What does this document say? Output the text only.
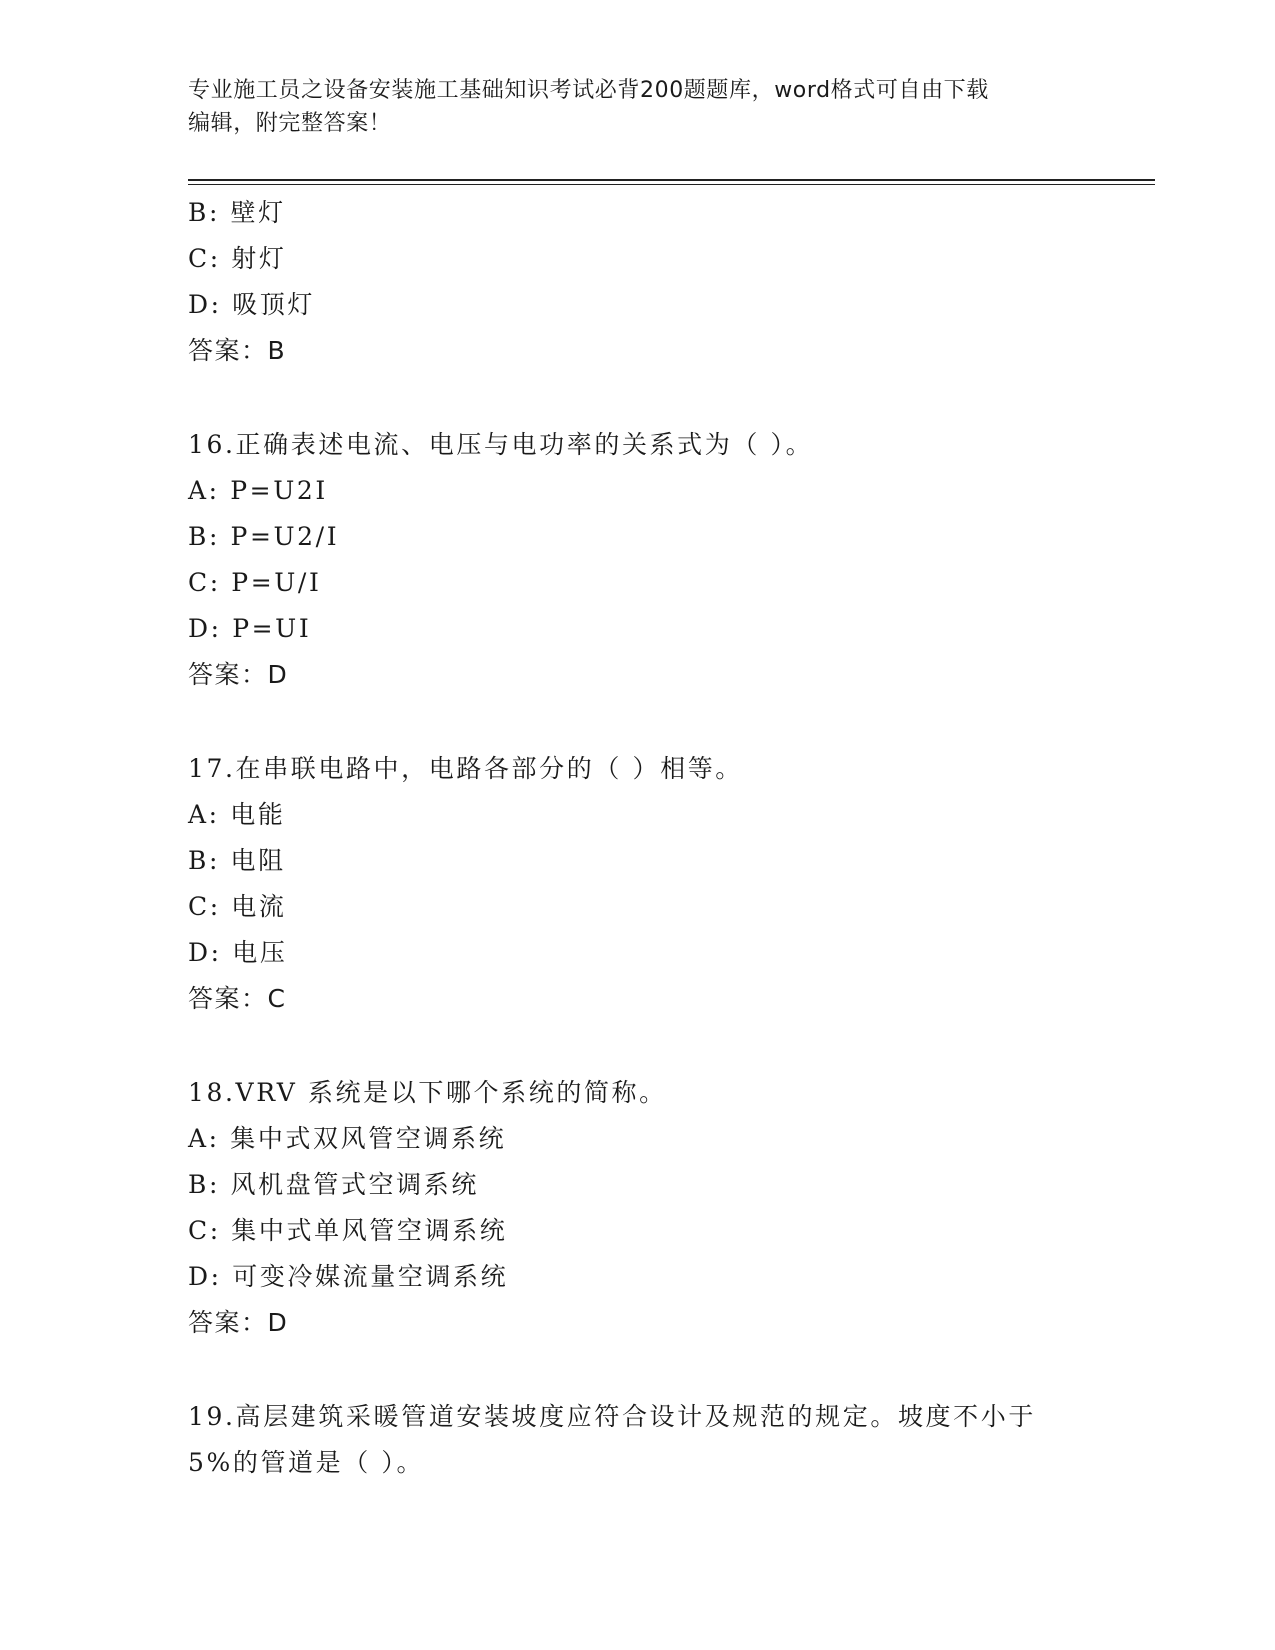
专业施工员之设备安装施工基础知识考试必背200题题库，word格式可自由下载
编辑，附完整答案！
B: 壁灯
C: 射灯
D: 吸顶灯
答案：B
16.正确表述电流、电压与电功率的关系式为（ ）。
A: P=U2I
B: P=U2/I
C: P=U/I
D: P=UI
答案：D
17.在串联电路中，电路各部分的（ ）相等。
A: 电能
B: 电阻
C: 电流
D: 电压
答案：C
18.VRV 系统是以下哪个系统的简称。
A: 集中式双风管空调系统
B: 风机盘管式空调系统
C: 集中式单风管空调系统
D: 可变冷媒流量空调系统
答案：D
19.高层建筑采暖管道安装坡度应符合设计及规范的规定。坡度不小于
5%的管道是（ ）。
